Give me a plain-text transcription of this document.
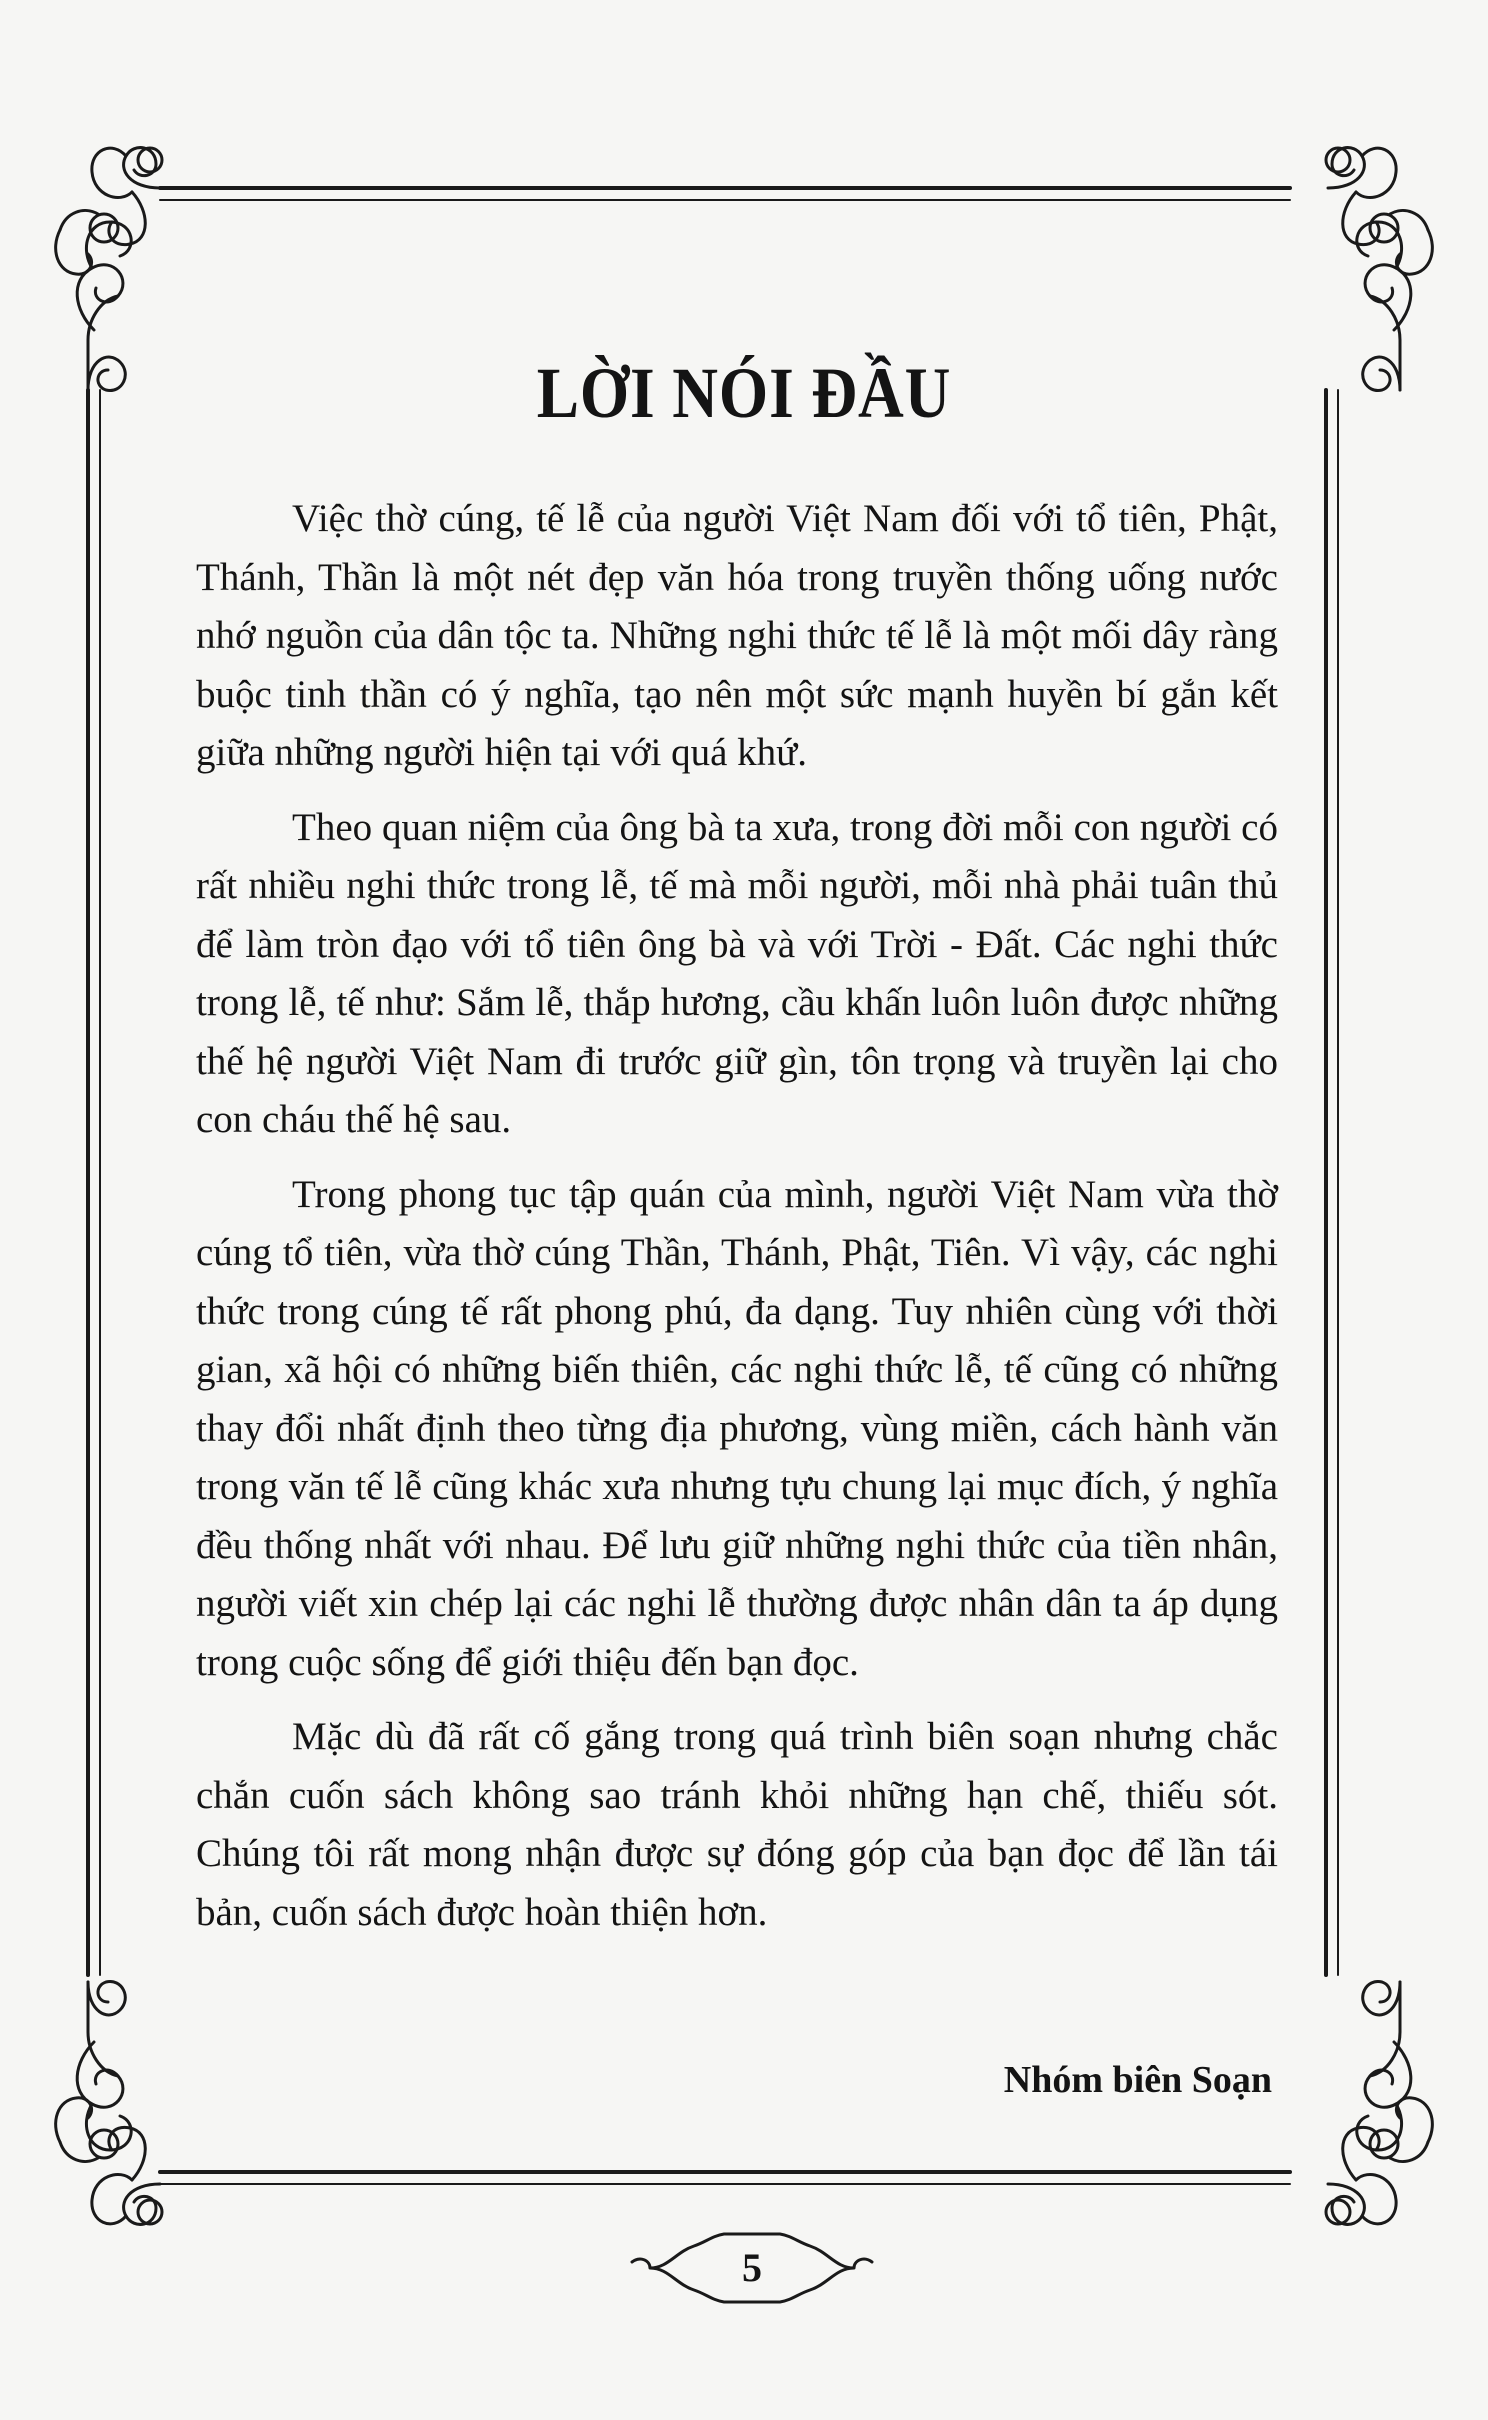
LỜI NÓI ĐẦU

Việc thờ cúng, tế lễ của người Việt Nam đối với tổ tiên, Phật, Thánh, Thần là một nét đẹp văn hóa trong truyền thống uống nước nhớ nguồn của dân tộc ta. Những nghi thức tế lễ là một mối dây ràng buộc tinh thần có ý nghĩa, tạo nên một sức mạnh huyền bí gắn kết giữa những người hiện tại với quá khứ.

Theo quan niệm của ông bà ta xưa, trong đời mỗi con người có rất nhiều nghi thức trong lễ, tế mà mỗi người, mỗi nhà phải tuân thủ để làm tròn đạo với tổ tiên ông bà và với Trời - Đất. Các nghi thức trong lễ, tế như: Sắm lễ, thắp hương, cầu khấn luôn luôn được những thế hệ người Việt Nam đi trước giữ gìn, tôn trọng và truyền lại cho con cháu thế hệ sau.

Trong phong tục tập quán của mình, người Việt Nam vừa thờ cúng tổ tiên, vừa thờ cúng Thần, Thánh, Phật, Tiên. Vì vậy, các nghi thức trong cúng tế rất phong phú, đa dạng. Tuy nhiên cùng với thời gian, xã hội có những biến thiên, các nghi thức lễ, tế cũng có những thay đổi nhất định theo từng địa phương, vùng miền, cách hành văn trong văn tế lễ cũng khác xưa nhưng tựu chung lại mục đích, ý nghĩa đều thống nhất với nhau. Để lưu giữ những nghi thức của tiền nhân, người viết xin chép lại các nghi lễ thường được nhân dân ta áp dụng trong cuộc sống để giới thiệu đến bạn đọc.

Mặc dù đã rất cố gắng trong quá trình biên soạn nhưng chắc chắn cuốn sách không sao tránh khỏi những hạn chế, thiếu sót. Chúng tôi rất mong nhận được sự đóng góp của bạn đọc để lần tái bản, cuốn sách được hoàn thiện hơn.

Nhóm biên Soạn

5
